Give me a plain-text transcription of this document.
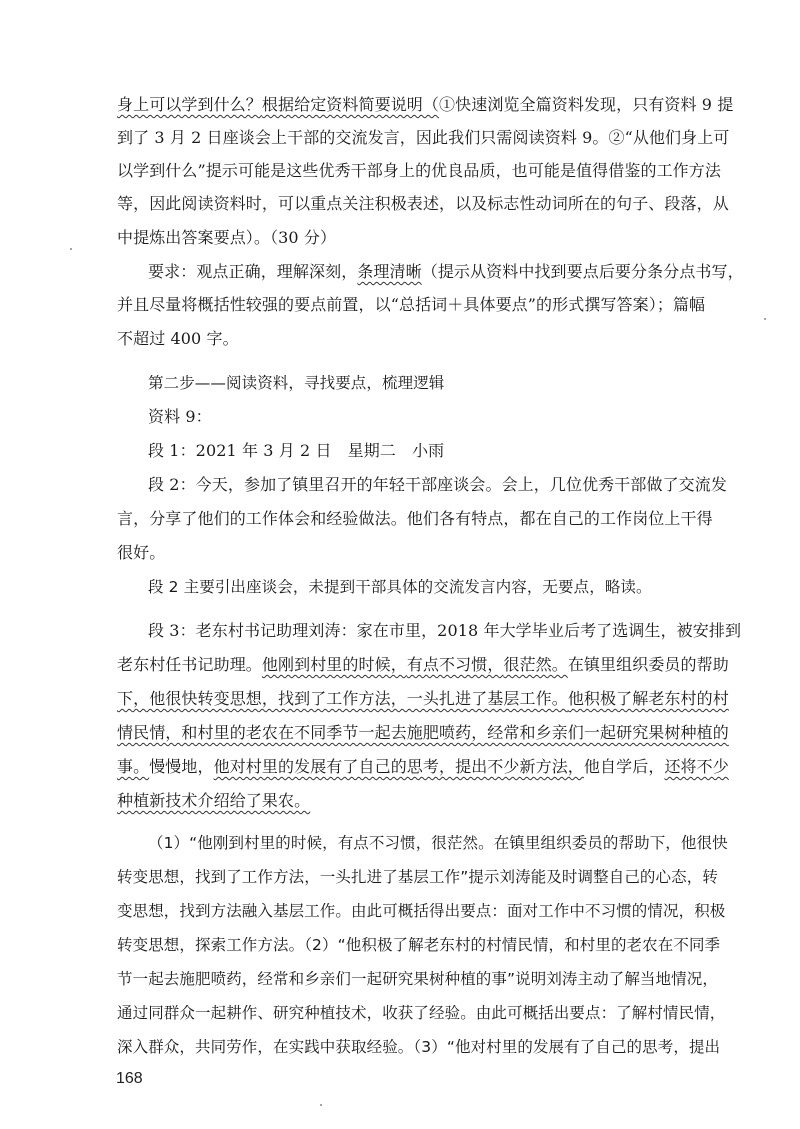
身上可以学到什么？根据给定资料简要说明（①快速浏览全篇资料发现，只有资料 9 提
到了 3 月 2 日座谈会上干部的交流发言，因此我们只需阅读资料 9。②“从他们身上可
以学到什么”提示可能是这些优秀干部身上的优良品质，也可能是值得借鉴的工作方法
等，因此阅读资料时，可以重点关注积极表述，以及标志性动词所在的句子、段落，从
中提炼出答案要点）。（30 分）
要求：观点正确，理解深刻，条理清晰（提示从资料中找到要点后要分条分点书写，
并且尽量将概括性较强的要点前置，以“总括词＋具体要点”的形式撰写答案）；篇幅
不超过 400 字。
第二步——阅读资料，寻找要点，梳理逻辑
资料 9：
段 1：2021 年 3 月 2 日　星期二　小雨
段 2：今天，参加了镇里召开的年轻干部座谈会。会上，几位优秀干部做了交流发
言，分享了他们的工作体会和经验做法。他们各有特点，都在自己的工作岗位上干得
很好。
段 2 主要引出座谈会，未提到干部具体的交流发言内容，无要点，略读。
段 3：老东村书记助理刘涛：家在市里，2018 年大学毕业后考了选调生，被安排到
老东村任书记助理。他刚到村里的时候，有点不习惯，很茫然。在镇里组织委员的帮助
下，他很快转变思想，找到了工作方法，一头扎进了基层工作。他积极了解老东村的村
情民情，和村里的老农在不同季节一起去施肥喷药，经常和乡亲们一起研究果树种植的
事。慢慢地，他对村里的发展有了自己的思考，提出不少新方法，他自学后，还将不少
种植新技术介绍给了果农。
（1）“他刚到村里的时候，有点不习惯，很茫然。在镇里组织委员的帮助下，他很快
转变思想，找到了工作方法，一头扎进了基层工作”提示刘涛能及时调整自己的心态，转
变思想，找到方法融入基层工作。由此可概括得出要点：面对工作中不习惯的情况，积极
转变思想，探索工作方法。（2）“他积极了解老东村的村情民情，和村里的老农在不同季
节一起去施肥喷药，经常和乡亲们一起研究果树种植的事”说明刘涛主动了解当地情况，
通过同群众一起耕作、研究种植技术，收获了经验。由此可概括出要点：了解村情民情，
深入群众，共同劳作，在实践中获取经验。（3）“他对村里的发展有了自己的思考，提出
168
